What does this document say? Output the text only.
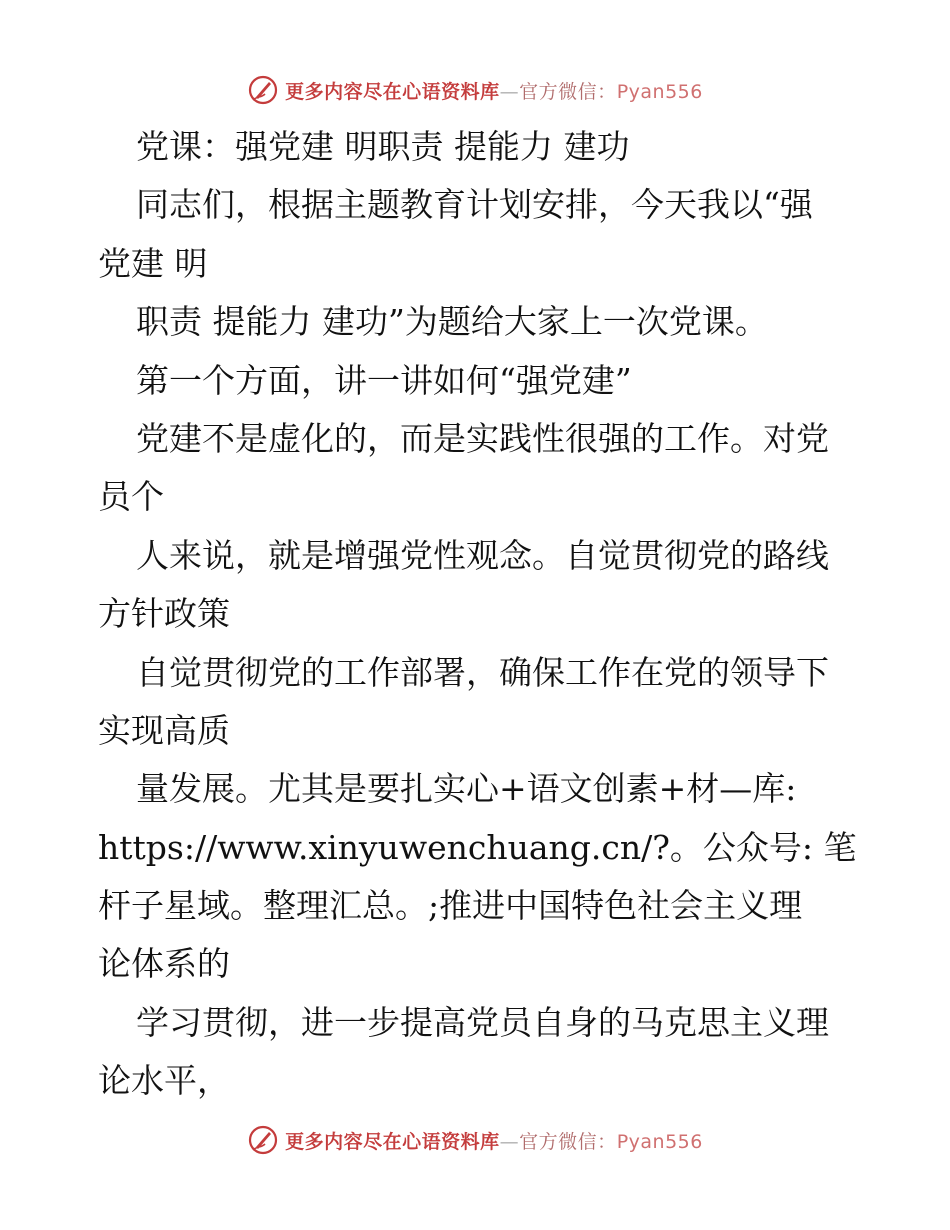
更多内容尽在心语资料库—官方微信：Pyan556
党课：强党建 明职责 提能力 建功
同志们，根据主题教育计划安排，今天我以“强
党建 明
职责 提能力 建功”为题给大家上一次党课。
第一个方面，讲一讲如何“强党建”
党建不是虚化的，而是实践性很强的工作。对党
员个
人来说，就是增强党性观念。自觉贯彻党的路线
方针政策
自觉贯彻党的工作部署，确保工作在党的领导下
实现高质
量发展。尤其是要扎实心+语文创素+材—库:
https://www.xinyuwenchuang.cn/?。公众号: 笔
杆子星域。整理汇总。;推进中国特色社会主义理
论体系的
学习贯彻，进一步提高党员自身的马克思主义理
论水平，
更多内容尽在心语资料库—官方微信：Pyan556
